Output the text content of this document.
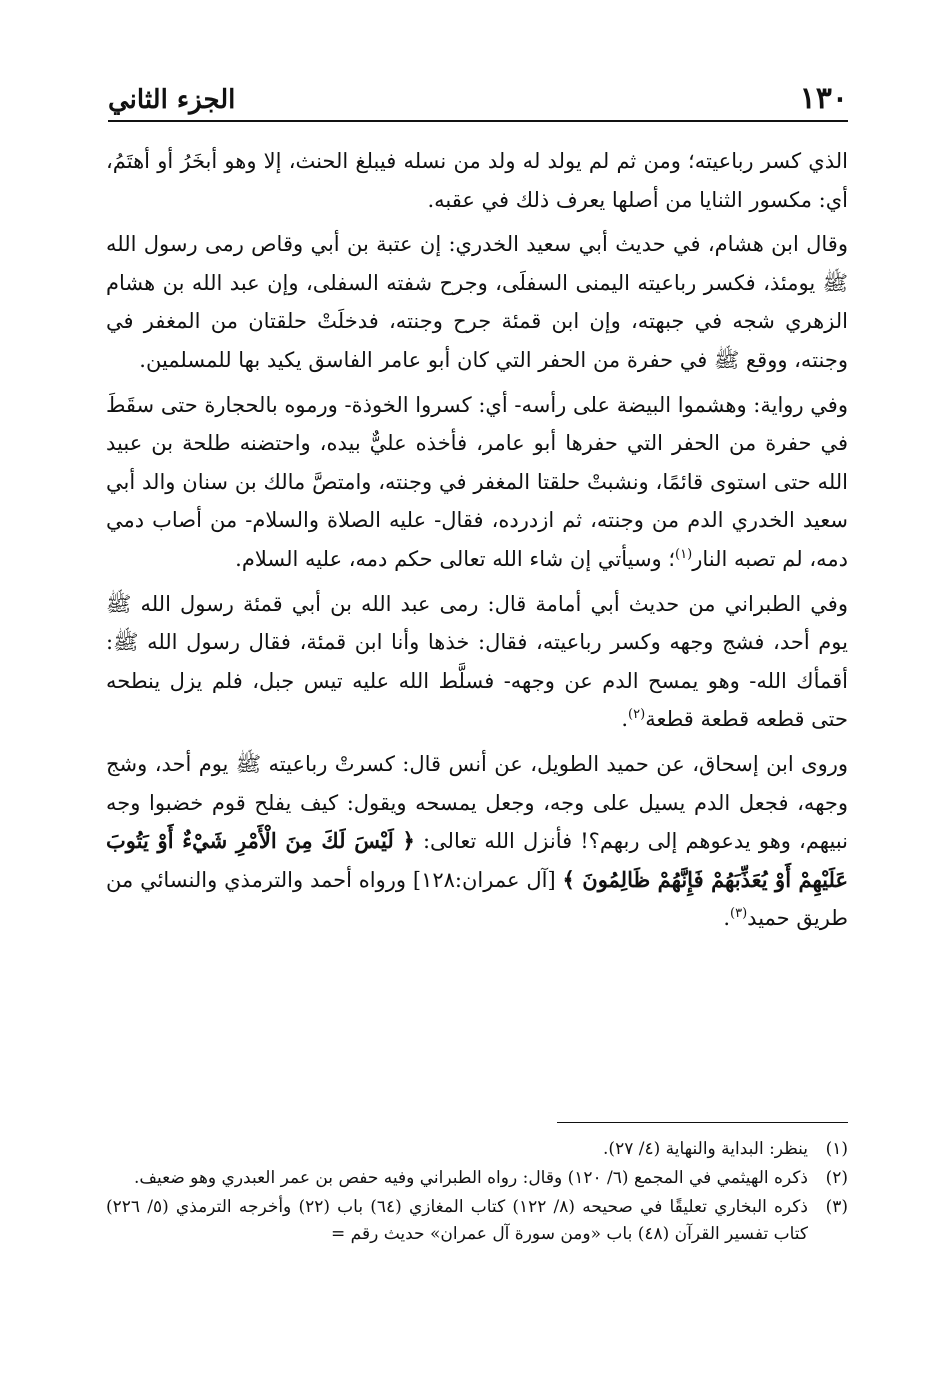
١٣٠
الجزء الثاني

الذي كسر رباعيته؛ ومن ثم لم يولد له ولد من نسله فيبلغ الحنث، إلا وهو أبخَرُ أو أهتَمُ، أي: مكسور الثنايا من أصلها يعرف ذلك في عقبه.

وقال ابن هشام، في حديث أبي سعيد الخدري: إن عتبة بن أبي وقاص رمى رسول الله ﷺ يومئذ، فكسر رباعيته اليمنى السفلَى، وجرح شفته السفلى، وإن عبد الله بن هشام الزهري شجه في جبهته، وإن ابن قمئة جرح وجنته، فدخلَتْ حلقتان من المغفر في وجنته، ووقع ﷺ في حفرة من الحفر التي كان أبو عامر الفاسق يكيد بها للمسلمين.

وفي رواية: وهشموا البيضة على رأسه- أي: كسروا الخوذة- ورموه بالحجارة حتى سقَطَ في حفرة من الحفر التي حفرها أبو عامر، فأخذه عليٌّ بيده، واحتضنه طلحة بن عبيد الله حتى استوى قائمًا، ونشبتْ حلقتا المغفر في وجنته، وامتصَّ مالك بن سنان والد أبي سعيد الخدري الدم من وجنته، ثم ازدرده، فقال- عليه الصلاة والسلام- من أصاب دمي دمه، لم تصبه النار$^{(١)}$؛ وسيأتي إن شاء الله تعالى حكم دمه، عليه السلام.

وفي الطبراني من حديث أبي أمامة قال: رمى عبد الله بن أبي قمئة رسول الله ﷺ يوم أحد، فشج وجهه وكسر رباعيته، فقال: خذها وأنا ابن قمئة، فقال رسول الله ﷺ: أقمأك الله- وهو يمسح الدم عن وجهه- فسلَّط الله عليه تيس جبل، فلم يزل ينطحه حتى قطعه قطعة قطعة$^{(٢)}$.

وروى ابن إسحاق، عن حميد الطويل، عن أنس قال: كسرتْ رباعيته ﷺ يوم أحد، وشج وجهه، فجعل الدم يسيل على وجه، وجعل يمسحه ويقول: كيف يفلح قوم خضبوا وجه نبيهم، وهو يدعوهم إلى ربهم؟! فأنزل الله تعالى: ﴿ لَيْسَ لَكَ مِنَ الْأَمْرِ شَيْءٌ أَوْ يَتُوبَ عَلَيْهِمْ أَوْ يُعَذِّبَهُمْ فَإِنَّهُمْ ظَالِمُونَ ﴾ [آل عمران:١٢٨] ورواه أحمد والترمذي والنسائي من طريق حميد$^{(٣)}$.

(١)
ينظر: البداية والنهاية (٤/ ٢٧).
(٢)
ذكره الهيثمي في المجمع (٦/ ١٢٠) وقال: رواه الطبراني وفيه حفص بن عمر العبدري وهو ضعيف.
(٣)
ذكره البخاري تعليقًا في صحيحه (٨/ ١٢٢) كتاب المغازي (٦٤) باب (٢٢) وأخرجه الترمذي (٥/ ٢٢٦) كتاب تفسير القرآن (٤٨) باب «ومن سورة آل عمران» حديث رقم =
